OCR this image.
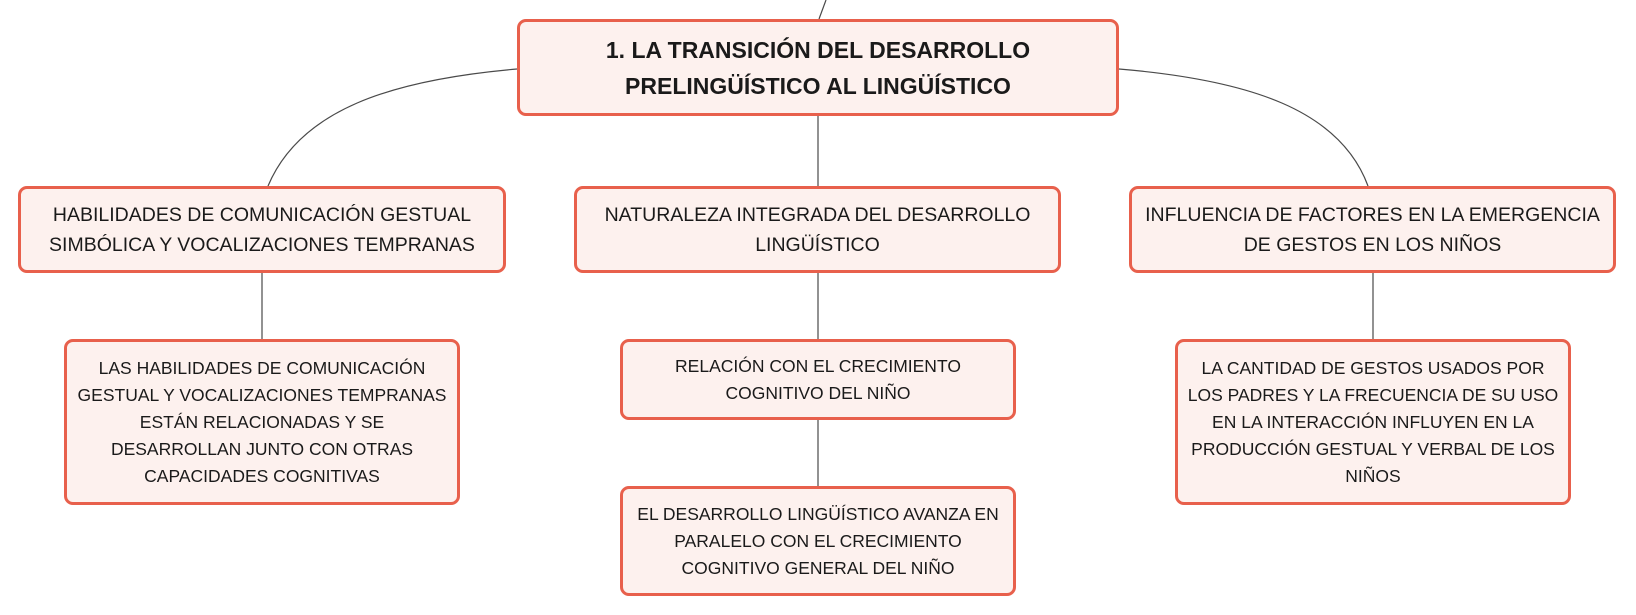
1. LA TRANSICIÓN DEL DESARROLLO PRELINGÜÍSTICO AL LINGÜÍSTICO
HABILIDADES DE COMUNICACIÓN GESTUAL SIMBÓLICA Y VOCALIZACIONES TEMPRANAS
NATURALEZA INTEGRADA DEL DESARROLLO LINGÜÍSTICO
INFLUENCIA DE FACTORES EN LA EMERGENCIA DE GESTOS EN LOS NIÑOS
LAS HABILIDADES DE COMUNICACIÓN GESTUAL Y VOCALIZACIONES TEMPRANAS ESTÁN RELACIONADAS Y SE DESARROLLAN JUNTO CON OTRAS CAPACIDADES COGNITIVAS
RELACIÓN CON EL CRECIMIENTO COGNITIVO DEL NIÑO
EL DESARROLLO LINGÜÍSTICO AVANZA EN PARALELO CON EL CRECIMIENTO COGNITIVO GENERAL DEL NIÑO
LA CANTIDAD DE GESTOS USADOS POR LOS PADRES Y LA FRECUENCIA DE SU USO EN LA INTERACCIÓN INFLUYEN EN LA PRODUCCIÓN GESTUAL Y VERBAL DE LOS NIÑOS
